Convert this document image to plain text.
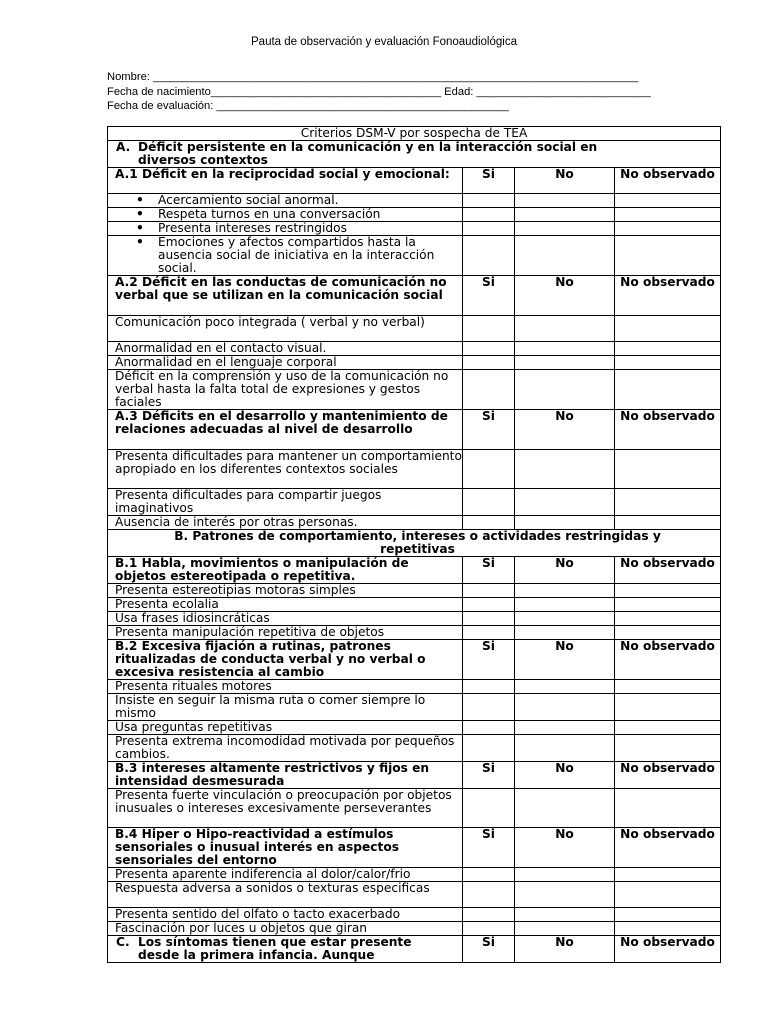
Pauta de observación y evaluación Fonoaudiológica
Nombre: ______________________________________________________________________________
Fecha de nacimiento_____________________________________ Edad: ____________________________
Fecha de evaluación: _______________________________________________
Criterios DSM-V por sospecha de TEA			
A. Déficit persistente en la comunicación y en la interacción social en
diversos contextos			

A.1 Déficit en la reciprocidad social y emocional:	Si	No	No observado
• Acercamiento social anormal.			
• Respeta turnos en una conversación			
• Presenta intereses restringidos			
• Emociones y afectos compartidos hasta la ausencia social de iniciativa en la interacción social.			
A.2 Déficit en las conductas de comunicación no verbal que se utilizan en la comunicación social	Si	No	No observado
Comunicación poco integrada ( verbal y no verbal)			
Anormalidad en el contacto visual.			
Anormalidad en el lenguaje corporal			
Déficit en la comprensión y uso de la comunicación no verbal hasta la falta total de expresiones y gestos faciales			
A.3 Déficits en el desarrollo y mantenimiento de relaciones adecuadas al nivel de desarrollo	Si	No	No observado
Presenta dificultades para mantener un comportamiento apropiado en los diferentes contextos sociales			
Presenta dificultades para compartir juegos imaginativos			
Ausencia de interés por otras personas.			
B. Patrones de comportamiento, intereses o actividades restringidas y
repetitivas			

B.1 Habla, movimientos o manipulación de objetos estereotipada o repetitiva.	Si	No	No observado
Presenta estereotipias motoras simples			
Presenta ecolalia			
Usa frases idiosincráticas			
Presenta manipulación repetitiva de objetos			
B.2 Excesiva fijación a rutinas, patrones ritualizadas de conducta verbal y no verbal o excesiva resistencia al cambio	Si	No	No observado
Presenta rituales motores			
Insiste en seguir la misma ruta o comer siempre lo mismo			
Usa preguntas repetitivas			
Presenta extrema incomodidad motivada por pequeños cambios.			
B.3 intereses altamente restrictivos y fijos en intensidad desmesurada	Si	No	No observado
Presenta fuerte vinculación o preocupación por objetos inusuales o intereses excesivamente perseverantes			
B.4 Hiper o Hipo-reactividad a estímulos sensoriales o inusual interés en aspectos sensoriales del entorno	Si	No	No observado
Presenta aparente indiferencia al dolor/calor/frio			
Respuesta adversa a sonidos o texturas especificas			
Presenta sentido del olfato o tacto exacerbado			
Fascinación por luces u objetos que giran			
C. Los síntomas tienen que estar presente
desde la primera infancia. Aunque	Si	No	No observado
